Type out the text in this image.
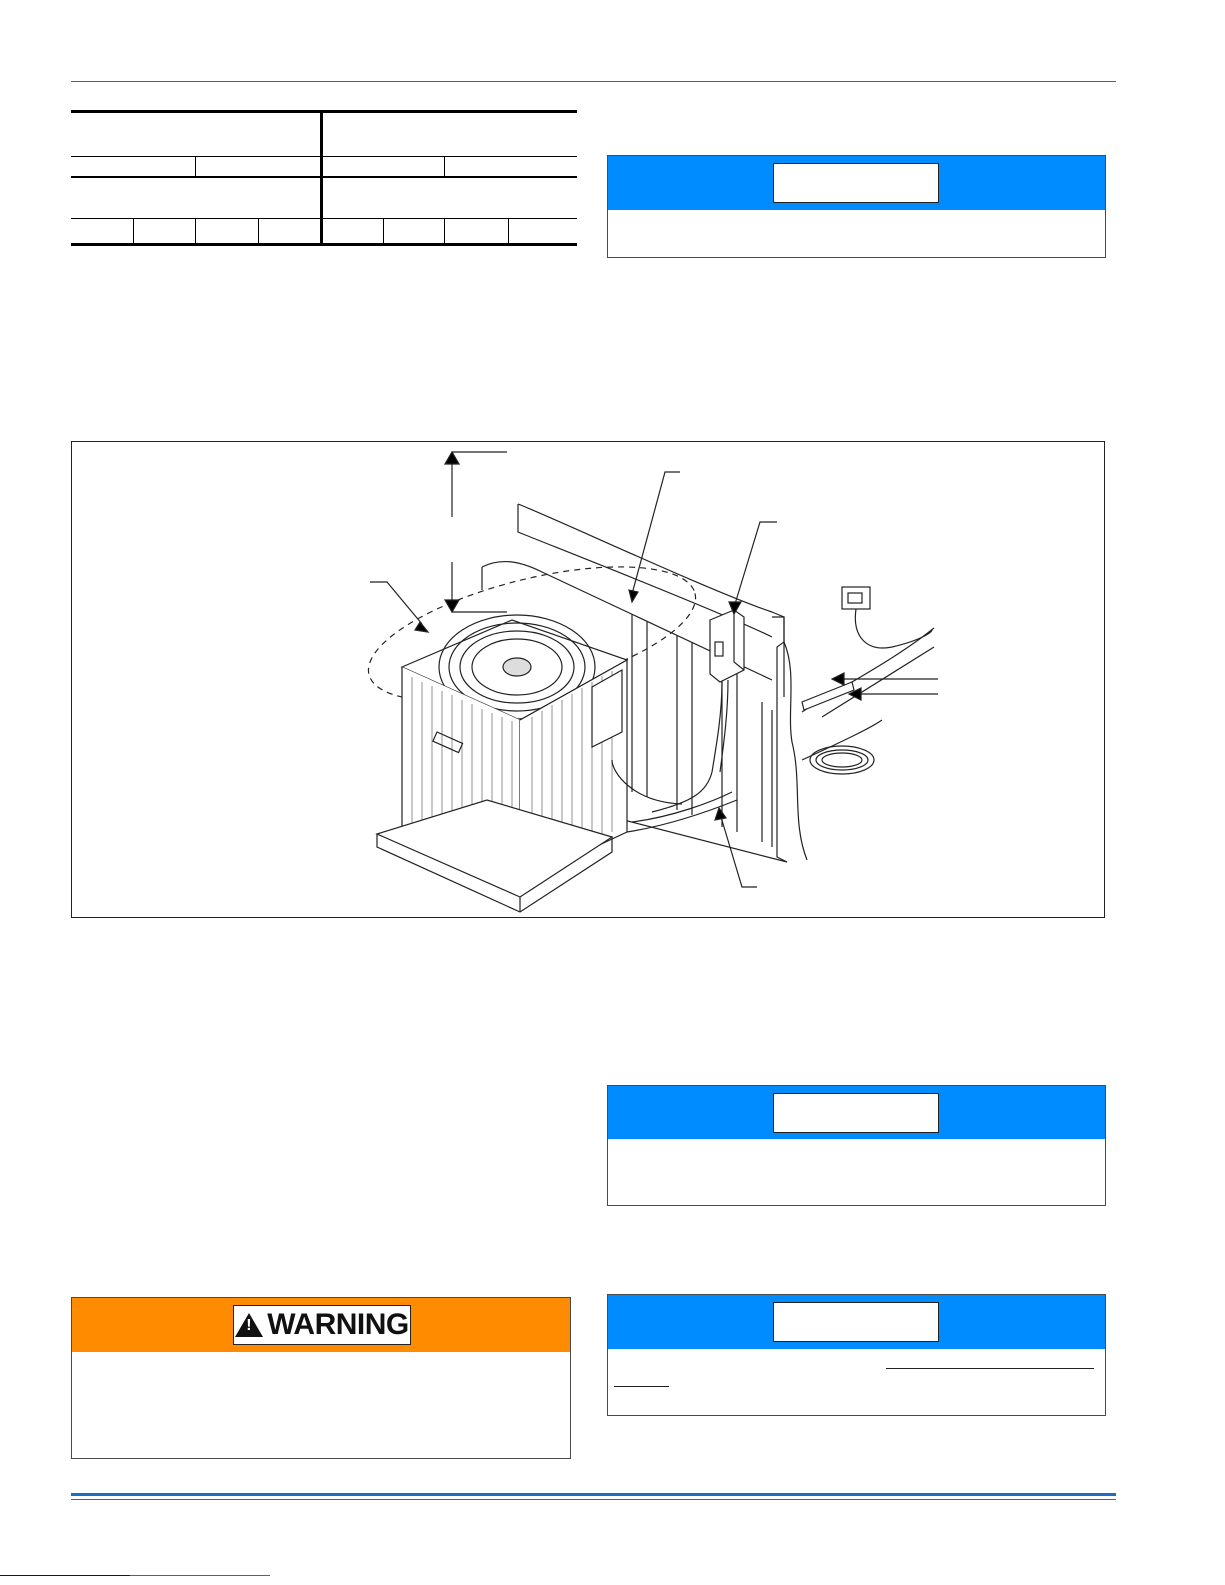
!
WARNING
